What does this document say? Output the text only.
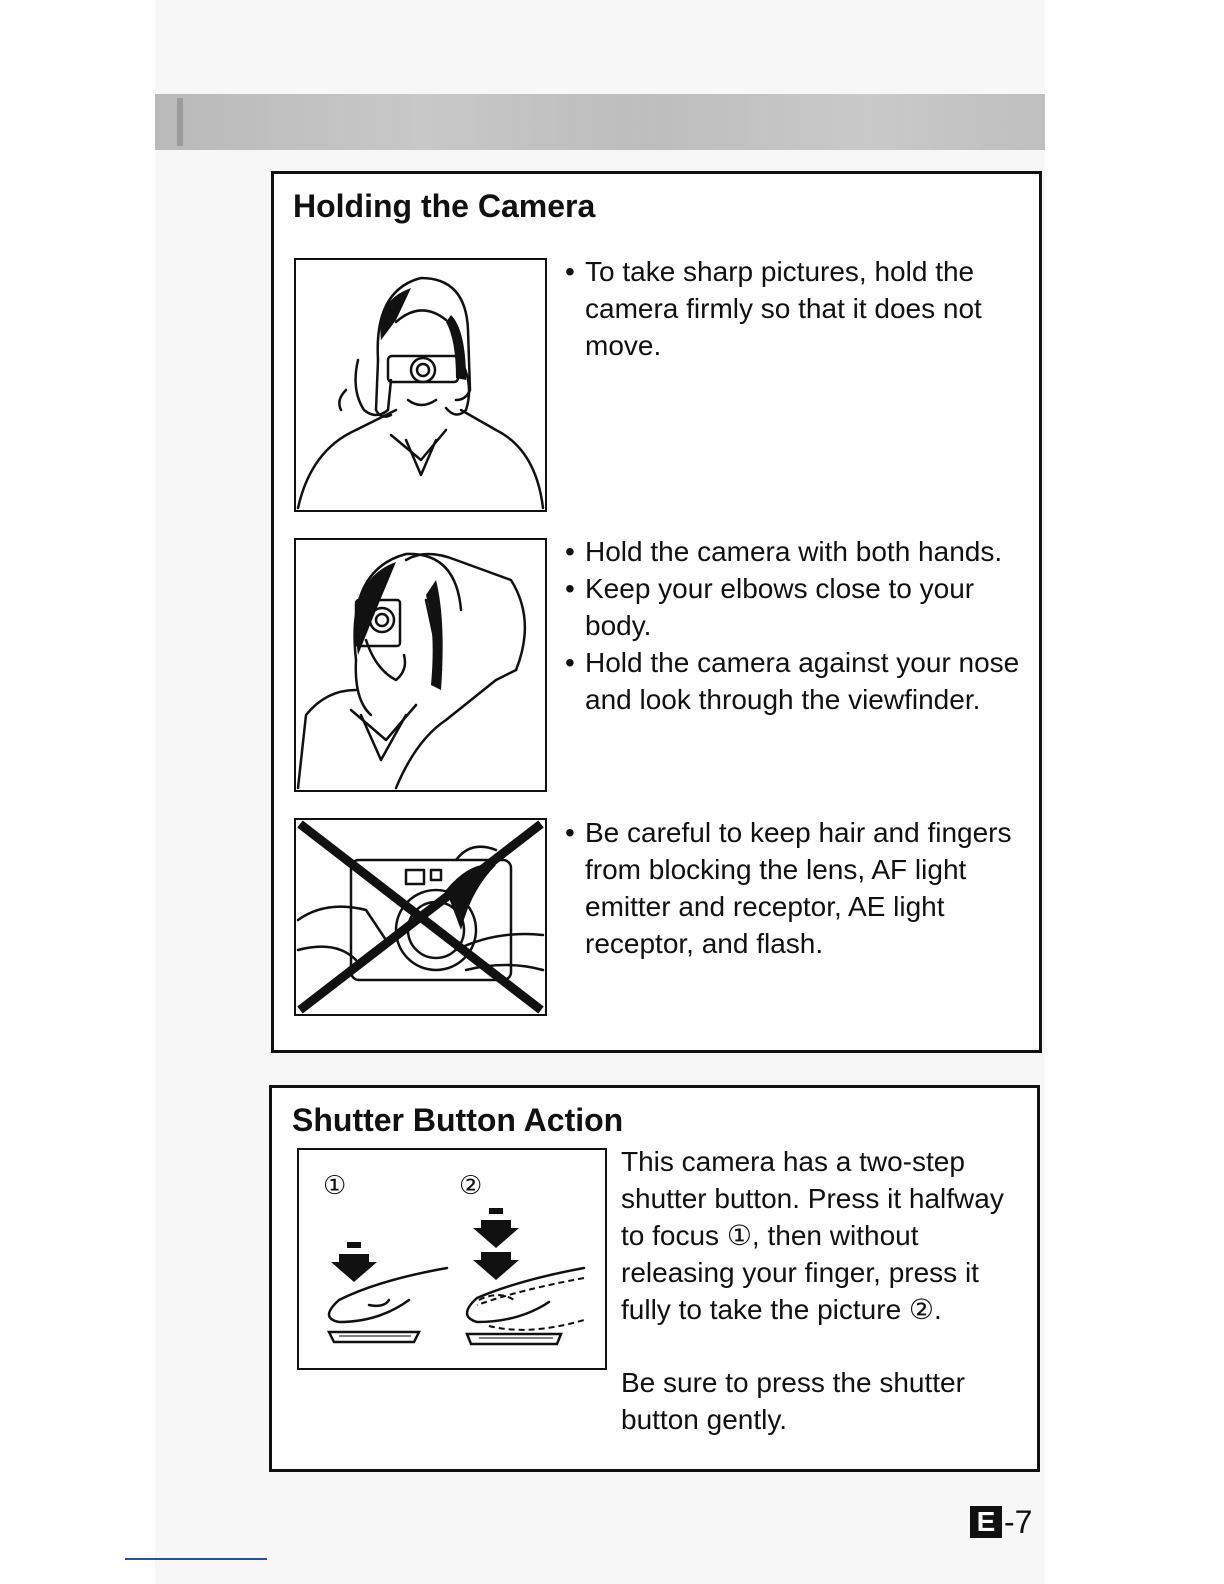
Holding the Camera
• To take sharp pictures, hold the camera firmly so that it does not move.
• Hold the camera with both hands.
• Keep your elbows close to your body.
• Hold the camera against your nose and look through the viewfinder.
• Be careful to keep hair and fingers from blocking the lens, AF light emitter and receptor, AE light receptor, and flash.
Shutter Button Action
①	②

This camera has a two-step shutter button. Press it halfway to focus ①, then without releasing your finger, press it fully to take the picture ②.

Be sure to press the shutter button gently.

E -7
